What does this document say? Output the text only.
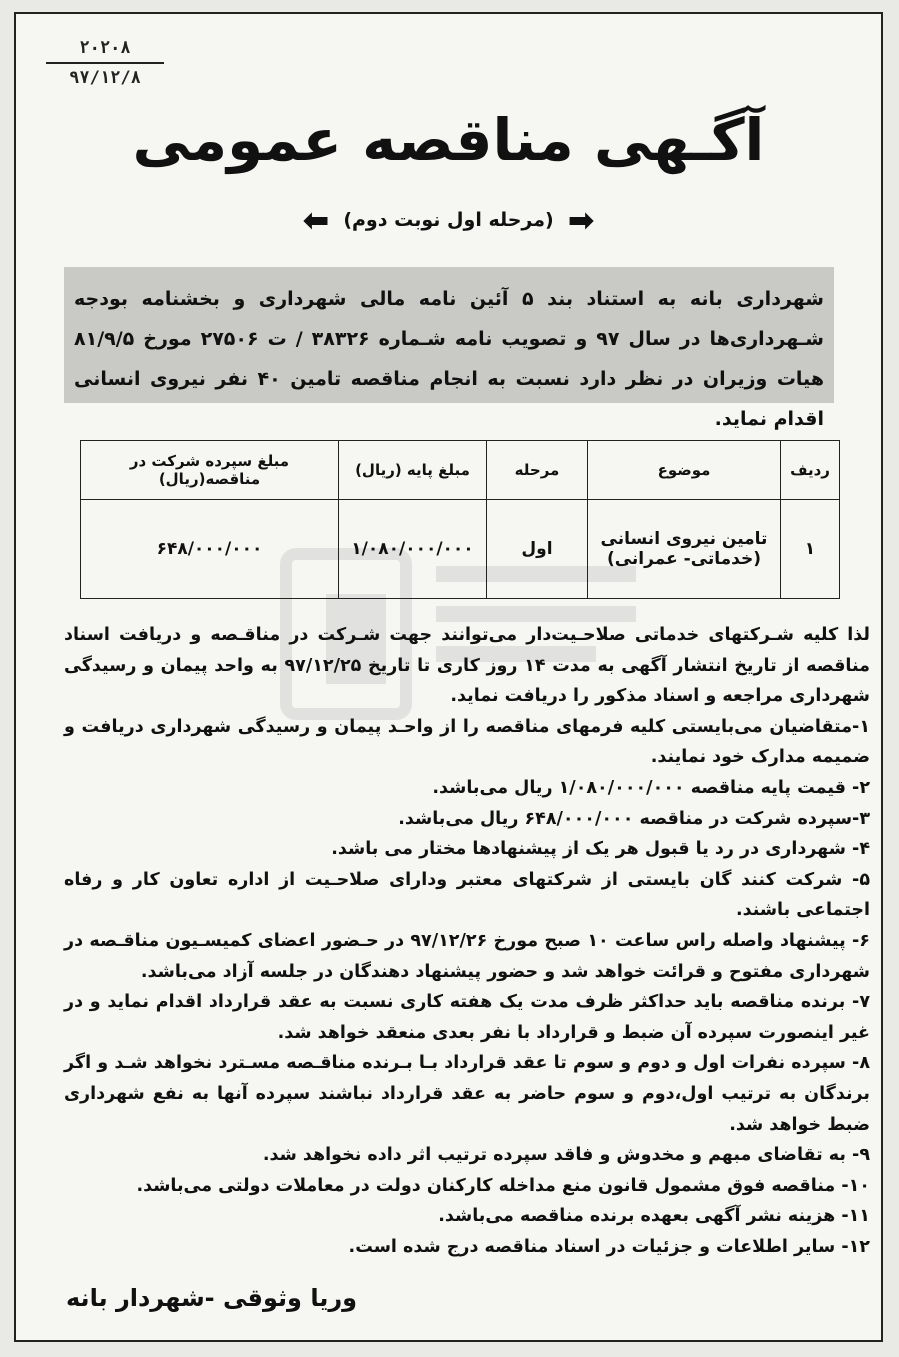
۲۰۲۰۸
۹۷/۱۲/۸
آگـهی مناقصه عمومی
➡
(مرحله اول نوبت دوم)
⬅
شهرداری بانه به استناد بند ۵ آئین نامه مالی شهرداری و بخشنامه بودجه شـهرداری‌ها در سال ۹۷ و تصویب نامه شـماره ۳۸۳۲۶ / ت ۲۷۵۰۶ مورخ ۸۱/۹/۵ هیات وزیران در نظر دارد نسبت به انجام مناقصه تامین ۴۰ نفر نیروی انسانی اقدام نماید.
ردیف	موضوع	مرحله	مبلغ پایه (ریال)	مبلغ سپرده شرکت در مناقصه(ریال)
۱	تامین نیروی انسانی (خدماتی- عمرانی)	اول	۱/۰۸۰/۰۰۰/۰۰۰	۶۴۸/۰۰۰/۰۰۰

لذا کلیه شـرکتهای خدماتی صلاحـیت‌دار می‌توانند جهت شـرکت در مناقـصه و دریافت اسناد مناقصه از تاریخ انتشار آگهی به مدت ۱۴ روز کاری تا تاریخ ۹۷/۱۲/۲۵ به واحد پیمان و رسیدگی شهرداری مراجعه و اسناد مذکور را دریافت نماید.

۱-متقاضیان می‌بایستی کلیه فرمهای مناقصه را از واحـد پیمان و رسیدگی شهرداری دریافت و ضمیمه مدارک خود نمایند.

۲- قیمت پایه مناقصه ۱/۰۸۰/۰۰۰/۰۰۰ ریال می‌باشد.

۳-سپرده شرکت در مناقصه ۶۴۸/۰۰۰/۰۰۰ ریال می‌باشد.

۴- شهرداری در رد یا قبول هر یک از پیشنهادها مختار می باشد.

۵- شرکت کنند گان بایستی از شرکتهای معتبر ودارای صلاحـیت از اداره تعاون کار و رفاه اجتماعی باشند.

۶- پیشنهاد واصله راس ساعت ۱۰ صبح مورخ ۹۷/۱۲/۲۶ در حـضور اعضای کمیسـیون مناقـصه در شهرداری مفتوح و قرائت خواهد شد و حضور پیشنهاد دهندگان در جلسه آزاد می‌باشد.

۷- برنده مناقصه باید حداکثر ظرف مدت یک هفته کاری نسبت به عقد قرارداد اقدام نماید و در غیر اینصورت سپرده آن ضبط و قرارداد با نفر بعدی منعقد خواهد شد.

۸- سپرده نفرات اول و دوم و سوم تا عقد قرارداد بـا بـرنده مناقـصه مسـترد نخواهد شـد و اگر برندگان به ترتیب اول،دوم و سوم حاضر به عقد قرارداد نباشند سپرده آنها به نفع شهرداری ضبط خواهد شد.

۹- به تقاضای مبهم و مخدوش و فاقد سپرده ترتیب اثر داده نخواهد شد.

۱۰- مناقصه فوق مشمول قانون منع مداخله کارکنان دولت در معاملات دولتی می‌باشد.

۱۱- هزینه نشر آگهی بعهده برنده مناقصه می‌باشد.

۱۲- سایر اطلاعات و جزئیات در اسناد مناقصه درج شده است.

وریا وثوقی -شهردار بانه
